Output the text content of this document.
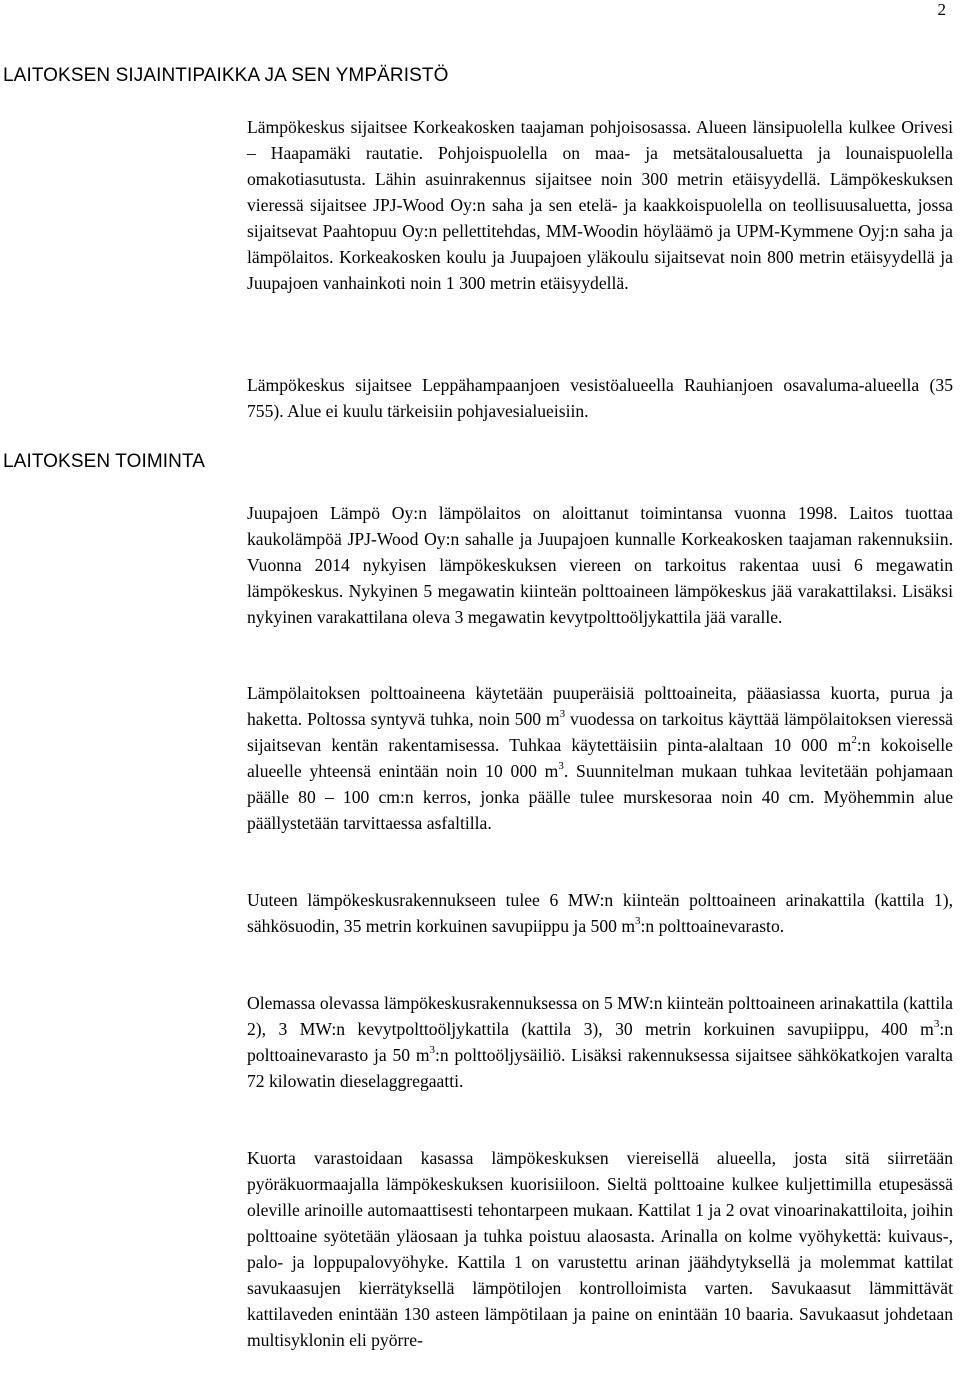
2
LAITOKSEN SIJAINTIPAIKKA JA SEN YMPÄRISTÖ

Lämpökeskus sijaitsee Korkeakosken taajaman pohjoisosassa. Alueen länsipuolella kulkee Orivesi – Haapamäki rautatie. Pohjoispuolella on maa- ja metsätalousaluetta ja lounaispuolella omakotiasutusta. Lähin asuinrakennus sijaitsee noin 300 metrin etäisyydellä. Lämpökeskuksen vieressä sijaitsee JPJ-Wood Oy:n saha ja sen etelä- ja kaakkoispuolella on teollisuusaluetta, jossa sijaitsevat Paahtopuu Oy:n pellettitehdas, MM-Woodin höyläämö ja UPM-Kymmene Oyj:n saha ja lämpölaitos. Korkeakosken koulu ja Juupajoen yläkoulu sijaitsevat noin 800 metrin etäisyydellä ja Juupajoen vanhainkoti noin 1 300 metrin etäisyydellä.

Lämpökeskus sijaitsee Leppähampaanjoen vesistöalueella Rauhianjoen osavaluma-alueella (35 755). Alue ei kuulu tärkeisiin pohjavesialueisiin.

LAITOKSEN TOIMINTA

Juupajoen Lämpö Oy:n lämpölaitos on aloittanut toimintansa vuonna 1998. Laitos tuottaa kaukolämpöä JPJ-Wood Oy:n sahalle ja Juupajoen kunnalle Korkeakosken taajaman rakennuksiin. Vuonna 2014 nykyisen lämpökeskuksen viereen on tarkoitus rakentaa uusi 6 megawatin lämpökeskus. Nykyinen 5 megawatin kiinteän polttoaineen lämpökeskus jää varakattilaksi. Lisäksi nykyinen varakattilana oleva 3 megawatin kevytpolttoöljykattila jää varalle.

Lämpölaitoksen polttoaineena käytetään puuperäisiä polttoaineita, pääasiassa kuorta, purua ja haketta. Poltossa syntyvä tuhka, noin 500 $m^3$ vuodessa on tarkoitus käyttää lämpölaitoksen vieressä sijaitsevan kentän rakentamisessa. Tuhkaa käytettäisiin pinta-alaltaan 10 000 $m^2:n$ kokoiselle alueelle yhteensä enintään noin 10 000 $m^3$. Suunnitelman mukaan tuhkaa levitetään pohjamaan päälle 80 – 100 cm:n kerros, jonka päälle tulee murskesoraa noin 40 cm. Myöhemmin alue päällystetään tarvittaessa asfaltilla.

Uuteen lämpökeskusrakennukseen tulee 6 MW:n kiinteän polttoaineen arinakattila (kattila 1), sähkösuodin, 35 metrin korkuinen savupiippu ja 500 $m^3:n$ polttoainevarasto.

Olemassa olevassa lämpökeskusrakennuksessa on 5 MW:n kiinteän polttoaineen arinakattila (kattila 2), 3 MW:n kevytpolttoöljykattila (kattila 3), 30 metrin korkuinen savupiippu, 400 $m^3:n$ polttoainevarasto ja 50 $m^3:n$ polttoöljysäiliö. Lisäksi rakennuksessa sijaitsee sähkökatkojen varalta 72 kilowatin dieselaggregaatti.

Kuorta varastoidaan kasassa lämpökeskuksen viereisellä alueella, josta sitä siirretään pyöräkuormaajalla lämpökeskuksen kuorisiiloon. Sieltä polttoaine kulkee kuljettimilla etupesässä oleville arinoille automaattisesti tehontarpeen mukaan. Kattilat 1 ja 2 ovat vinoarinakattiloita, joihin polttoaine syötetään yläosaan ja tuhka poistuu alaosasta. Arinalla on kolme vyöhykettä: kuivaus-, palo- ja loppupalovyöhyke. Kattila 1 on varustettu arinan jäähdytyksellä ja molemmat kattilat savukaasujen kierrätyksellä lämpötilojen kontrolloimista varten. Savukaasut lämmittävät kattilaveden enintään 130 asteen lämpötilaan ja paine on enintään 10 baaria. Savukaasut johdetaan multisyklonin eli pyörre-
